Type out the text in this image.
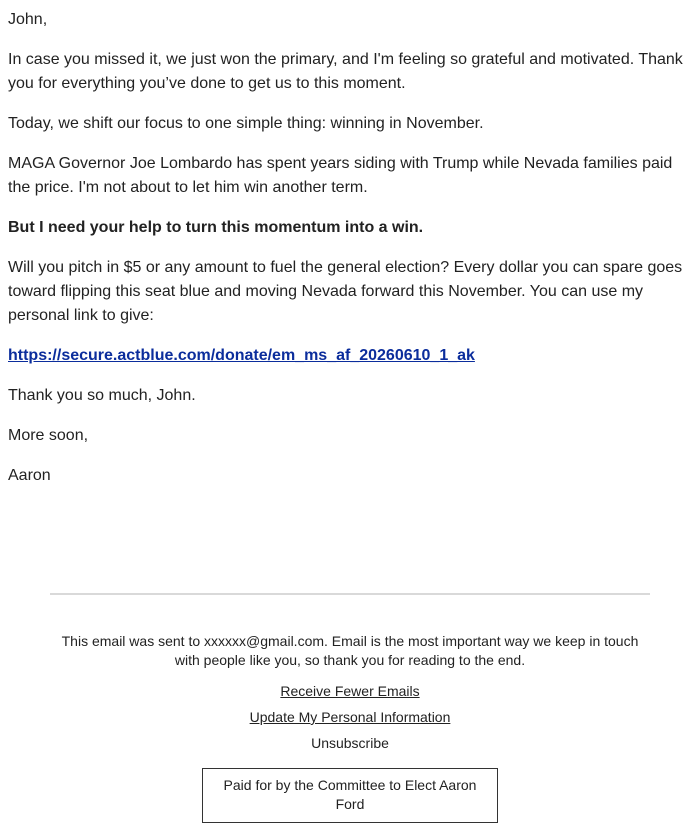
John,

In case you missed it, we just won the primary, and I'm feeling so grateful and motivated. Thank you for everything you’ve done to get us to this moment.

Today, we shift our focus to one simple thing: winning in November.

MAGA Governor Joe Lombardo has spent years siding with Trump while Nevada families paid the price. I'm not about to let him win another term.

But I need your help to turn this momentum into a win.

Will you pitch in $5 or any amount to fuel the general election? Every dollar you can spare goes toward flipping this seat blue and moving Nevada forward this November. You can use my personal link to give:

https://secure.actblue.com/donate/em_ms_af_20260610_1_ak

Thank you so much, John.

More soon,

Aaron

This email was sent to xxxxxx@gmail.com. Email is the most important way we keep in touch with people like you, so thank you for reading to the end.

Receive Fewer Emails
Update My Personal Information
Unsubscribe
Paid for by the Committee to Elect Aaron Ford
